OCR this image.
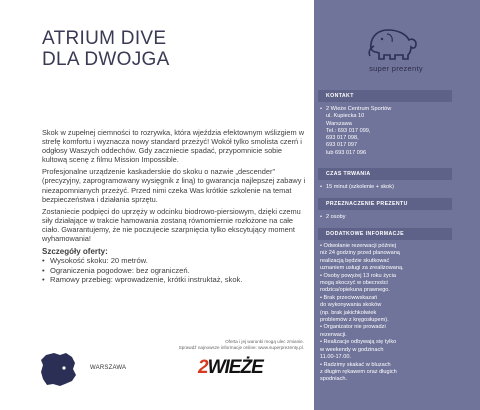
ATRIUM DIVE
DLA DWOJGA

Skok w zupełnej ciemności to rozrywka, która wjeździa efektownym wślizgiem w strefę komfortu i wyznacza nowy standard przeżyć! Wokół tylko smolista czerń i odgłosy Waszych oddechów. Gdy zaczniecie spadać, przypomnicie sobie kultową scenę z filmu Mission Impossible.

Profesjonalne urządzenie kaskaderskie do skoku o nazwie „descender” (precyzyjny, zaprogramowany wysięgnik z liną) to gwarancja najlepszej zabawy i niezapomnianych przeżyć. Przed nimi czeka Was krótkie szkolenie na temat bezpieczeństwa i działania sprzętu.

Zostaniecie podpięci do uprzęży w odcinku biodrowo-piersiowym, dzięki czemu siły działające w trakcie hamowania zostaną równomiernie rozłożone na całe ciało. Gwarantujemy, że nie poczujecie szarpnięcia tylko ekscytujący moment wyhamowania!

Szczegóły oferty:
• Wysokość skoku: 20 metrów.
• Ograniczenia pogodowe: bez ograniczeń.
• Ramowy przebieg: wprowadzenie, krótki instruktaż, skok.
Oferta i jej warunki mogą ulec zmianie.
Sprawdź najnowsze informacje online: www.superprezenty.pl.
WARSZAWA	2WIEŻE
super prezenty
KONTAKT
• 2 Wieże Centrum Sportów
ul. Kupiecka 10
Warszawa
Tel.: 693 017 099,
693 017 098,
693 017 097
lub 693 017 096
CZAS TRWANIA
• 15 minut (szkolenie + skok)
PRZEZNACZENIE PREZENTU
• 2 osoby
DODATKOWE INFORMACJE
• Odwołanie rezerwacji później
niż 24 godziny przed planowaną
realizacją będzie skutkować
uznaniem usługi za zrealizowaną.
• Osoby powyżej 13 roku życia
mogą skoczyć w obecności
rodzica/opiekuna prawnego.
• Brak przeciwwskazań
do wykonywania skoków
(np. brak jakichkolwiek
problemów z kręgosłupem).
• Organizator nie prowadzi
rezerwacji.
• Realizacje odbywają się tylko
w weekendy w godzinach
11.00-17.00.
• Radzimy skakać w bluzach
z długim rękawem oraz długich
spodniach.
